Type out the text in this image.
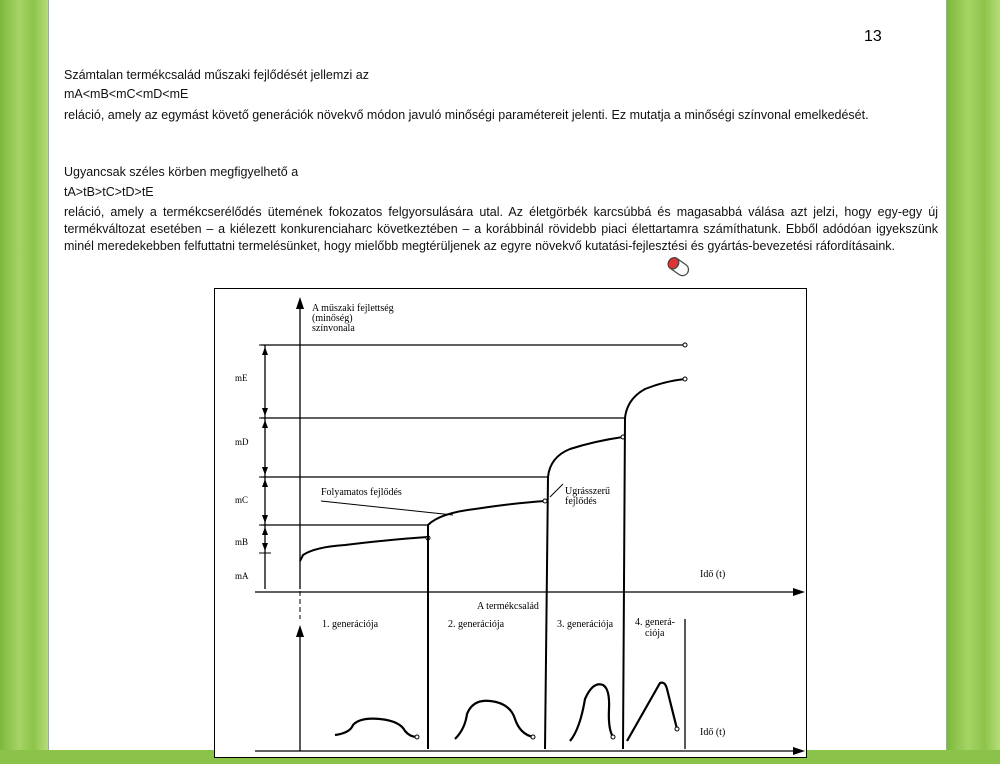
13

Számtalan termékcsalád műszaki fejlődését jellemzi az

mA<mB<mC<mD<mE

reláció, amely az egymást követő generációk növekvő módon javuló minőségi paramétereit jelenti. Ez mutatja a minőségi színvonal emelkedését.

Ugyancsak széles körben megfigyelhető a

tA>tB>tC>tD>tE

reláció, amely a termékcserélődés ütemének fokozatos felgyorsulására utal. Az életgörbék karcsúbbá és magasabbá válása azt jelzi, hogy egy-egy új termékváltozat esetében – a kiélezett konkurenciaharc következtében – a korábbinál rövidebb piaci élettartamra számíthatunk. Ebből adódóan igyekszünk minél meredekebben felfuttatni termelésünket, hogy mielőbb megtérüljenek az egyre növekvő kutatási-fejlesztési és gyártás-bevezetési ráfordításaink.

A műszaki fejlettség
(minőség)
színvonala
mE
mD
mC
mB
mA	Idő (t)
A termékcsalád
Folyamatos fejlődés	Ugrásszerű
fejlődés
Idő (t)
1. generációja	2. generációja	3. generációja 4. generá-
ciója
